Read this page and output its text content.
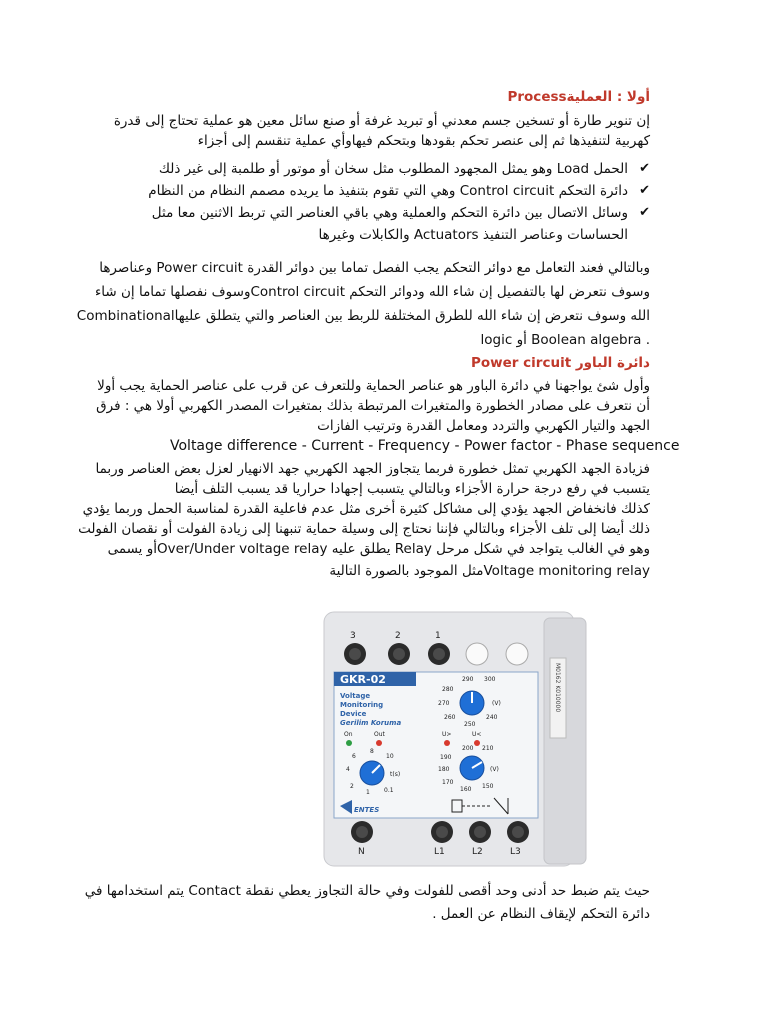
أولا : العمليةProcess
إن تنوير طارة أو تسخين جسم معدني أو تبريد غرفة أو صنع سائل معين هو عملية تحتاج إلى قدرة
كهربية لتنفيذها ثم إلى عنصر تحكم بقودها وبتحكم فيهاوأي عملية تنقسم إلى أجزاء
✔
الحمل Load وهو يمثل المجهود المطلوب مثل سخان أو موتور أو طلمبة إلى غير ذلك
✔
دائرة التحكم Control circuit وهي التي تقوم بتنفيذ ما يريده مصمم النظام من النظام
✔
وسائل الاتصال بين دائرة التحكم والعملية وهي باقي العناصر التي تربط الاثنين معا مثل
الحساسات وعناصر التنفيذ Actuators والكابلات وغيرها
وبالتالي فعند التعامل مع دوائر التحكم يجب الفصل تماما بين دوائر القدرة Power circuit وعناصرها
وسوف نتعرض لها بالتفصيل إن شاء الله ودوائر التحكم Control circuitوسوف نفصلها تماما إن شاء
الله وسوف نتعرض إن شاء الله للطرق المختلفة للربط بين العناصر والتي يتطلق عليهاCombinational
. Boolean algebra أو logic
دائرة الباور Power circuit
وأول شئ يواجهنا في دائرة الباور هو عناصر الحماية وللتعرف عن قرب على عناصر الحماية يجب أولا
أن نتعرف على مصادر الخطورة والمتغيرات المرتبطة بذلك بمتغيرات المصدر الكهربي أولا هي : فرق
الجهد والتيار الكهربي والتردد ومعامل القدرة وترتيب الفازات
Voltage difference - Current - Frequency - Power factor - Phase sequence
فزيادة الجهد الكهربي تمثل خطورة فربما يتجاوز الجهد الكهربي جهد الانهيار لعزل بعض العناصر وربما
يتسبب في رفع درجة حرارة الأجزاء وبالتالي يتسبب إجهادا حراريا قد يسبب التلف أيضا
كذلك فانخفاض الجهد يؤدي إلى مشاكل كثيرة أخرى مثل عدم فاعلية القدرة لمناسبة الحمل وربما يؤدي
ذلك أيضا إلى تلف الأجزاء وبالتالي فإننا نحتاج إلى وسيلة حماية تنبهنا إلى زيادة الفولت أو نقصان الفولت
وهو في الغالب يتواجد في شكل مرحل Relay يطلق عليه Over/Under voltage relayأو يسمى
Voltage monitoring relayمثل الموجود بالصورة التالية
M0162 K010000
3	2	1
GKR-02
Voltage
Monitoring
Device
Gerilim Koruma
On	Out	U>	U<
290 300
280
270
260
250
240
(V)
6
8
10
4
2
1 0.1
t(s)
200 210
190
180
170
160 150
(V)
ENTES
N	L1	L2	L3
حيث يتم ضبط حد أدنى وحد أقصى للفولت وفي حالة التجاوز يعطي نقطة Contact يتم استخدامها في
دائرة التحكم لإيقاف النظام عن العمل .
